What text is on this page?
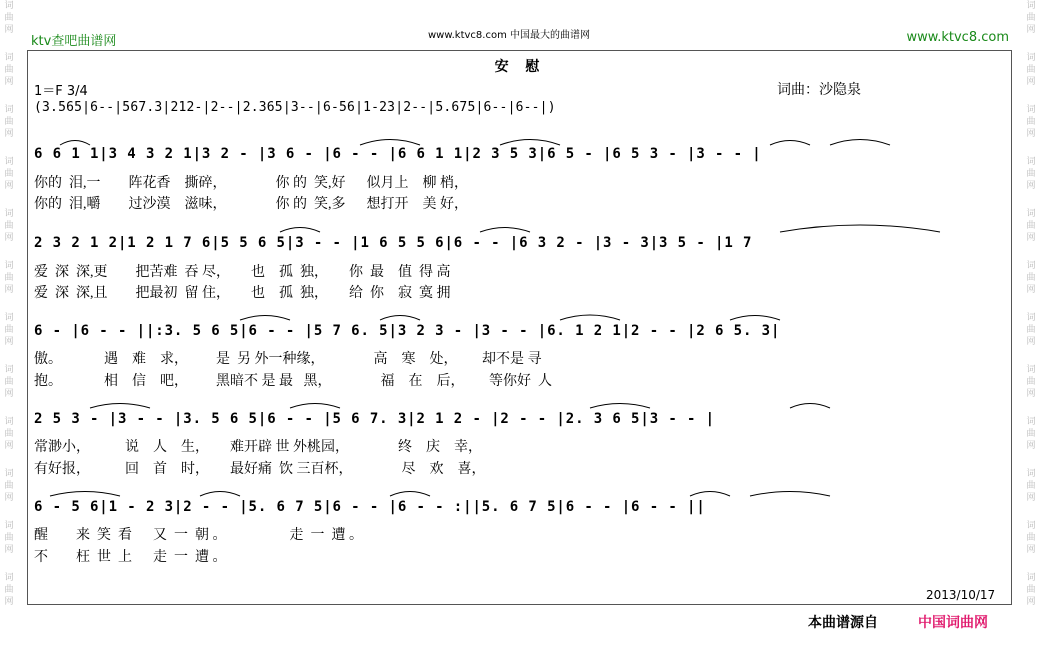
词曲网
词曲网
词曲网
词曲网
词曲网
词曲网
词曲网
词曲网
词曲网
词曲网
词曲网
词曲网
词曲网
词曲网
词曲网
词曲网
词曲网
词曲网
词曲网
词曲网
词曲网
词曲网
词曲网
词曲网
ktv查吧曲谱网	www.ktvc8.com 中国最大的曲谱网	www.ktvc8.com
安 慰
1＝F 3/4	词曲：沙隐泉
(3.565|6--|567.3|212-|2--|2.365|3--|6-56|1-23|2--|5.675|6--|6--|)
6 6 1 1|3 4 3 2 1|3 2 - |3 6 - |6 - - |6 6 1 1|2 3 5 3|6 5 - |6 5 3 - |3 - - |
你的  泪,一        阵花香    撕碎，              你 的  笑,好      似月上    柳 梢，
你的  泪,嚼        过沙漠    滋味，              你 的  笑,多      想打开    美 好，
2 3 2 1 2|1 2 1 7 6|5 5 6 5|3 - - |1 6 5 5 6|6 - - |6 3 2 - |3 - 3|3 5 - |1 7
爱  深  深,更        把苦难  吞 尽，      也    孤  独，      你  最    值  得 高
爱  深  深,且        把最初  留 住，      也    孤  独，      给  你    寂  寞 拥
6 - |6 - - ||:3. 5 6 5|6 - - |5 7 6. 5|3 2 3 - |3 - - |6. 1 2 1|2 - - |2 6 5. 3|
傲。            遇    难    求，        是  另 外一种缘，              高    寒    处，       却不是 寻
抱。            相    信    吧，        黑暗不 是 最   黑，              福    在    后，       等你好  人
2 5 3 - |3 - - |3. 5 6 5|6 - - |5 6 7. 3|2 1 2 - |2 - - |2. 3 6 5|3 - - |
常渺小，          说    人    生，      难开辟 世 外桃园，              终    庆    幸，
有好报，          回    首    时，      最好痛  饮 三百杯，              尽    欢    喜，
6 - 5 6|1 - 2 3|2 - - |5. 6 7 5|6 - - |6 - - :||5. 6 7 5|6 - - |6 - - ||
醒        来  笑  看      又  一  朝 。                  走  一  遭 。
不        枉  世  上      走  一  遭 。
2013/10/17
本曲谱源自	中国词曲网
